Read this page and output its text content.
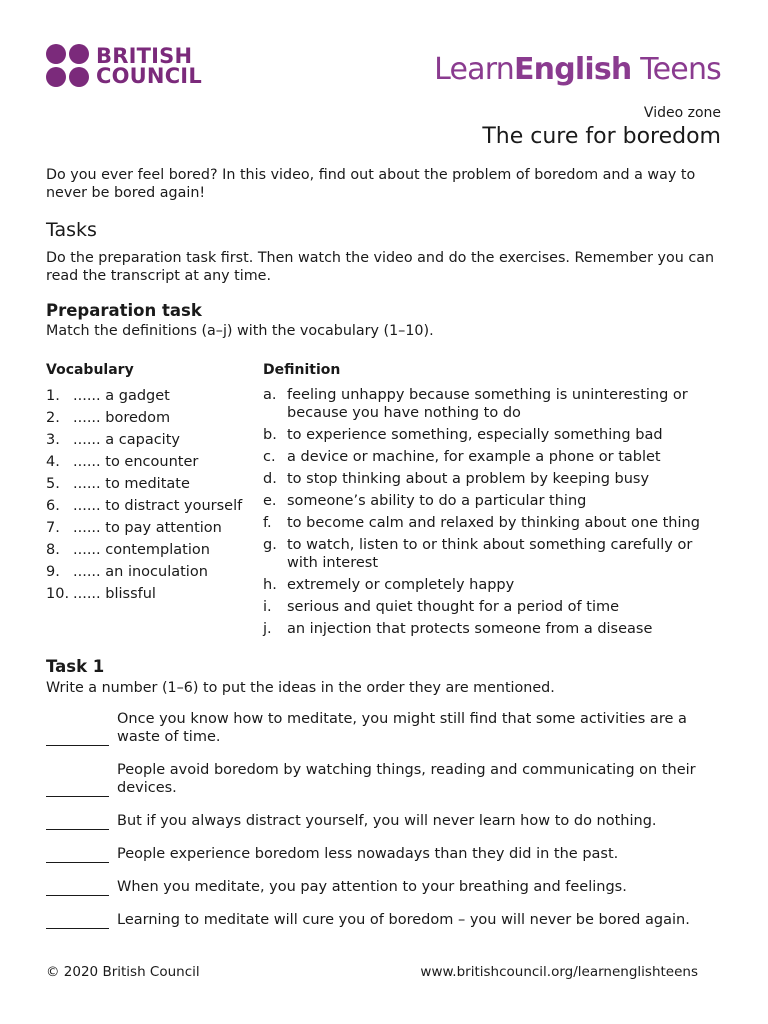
BRITISH
COUNCIL	LearnEnglish Teens
Video zone
The cure for boredom
Do you ever feel bored? In this video, find out about the problem of boredom and a way to never be bored again!
Tasks
Do the preparation task first. Then watch the video and do the exercises. Remember you can read the transcript at any time.
Preparation task
Match the definitions (a–j) with the vocabulary (1–10).
Vocabulary	Definition
1. ...... a gadget
2. ...... boredom
3. ...... a capacity
4. ...... to encounter
5. ...... to meditate
6. ...... to distract yourself
7. ...... to pay attention
8. ...... contemplation
9. ...... an inoculation
10. ...... blissful
a. feeling unhappy because something is uninteresting or because you have nothing to do
b. to experience something, especially something bad
c. a device or machine, for example a phone or tablet
d. to stop thinking about a problem by keeping busy
e. someone’s ability to do a particular thing
f.	to become calm and relaxed by thinking about one thing
g. to watch, listen to or think about something carefully or with interest
h. extremely or completely happy
i.	serious and quiet thought for a period of time
j.	an injection that protects someone from a disease
Task 1
Write a number (1–6) to put the ideas in the order they are mentioned.
Once you know how to meditate, you might still find that some activities are a waste of time.
People avoid boredom by watching things, reading and communicating on their devices.
But if you always distract yourself, you will never learn how to do nothing.
People experience boredom less nowadays than they did in the past.
When you meditate, you pay attention to your breathing and feelings.
Learning to meditate will cure you of boredom – you will never be bored again.
© 2020 British Council	www.britishcouncil.org/learnenglishteens
